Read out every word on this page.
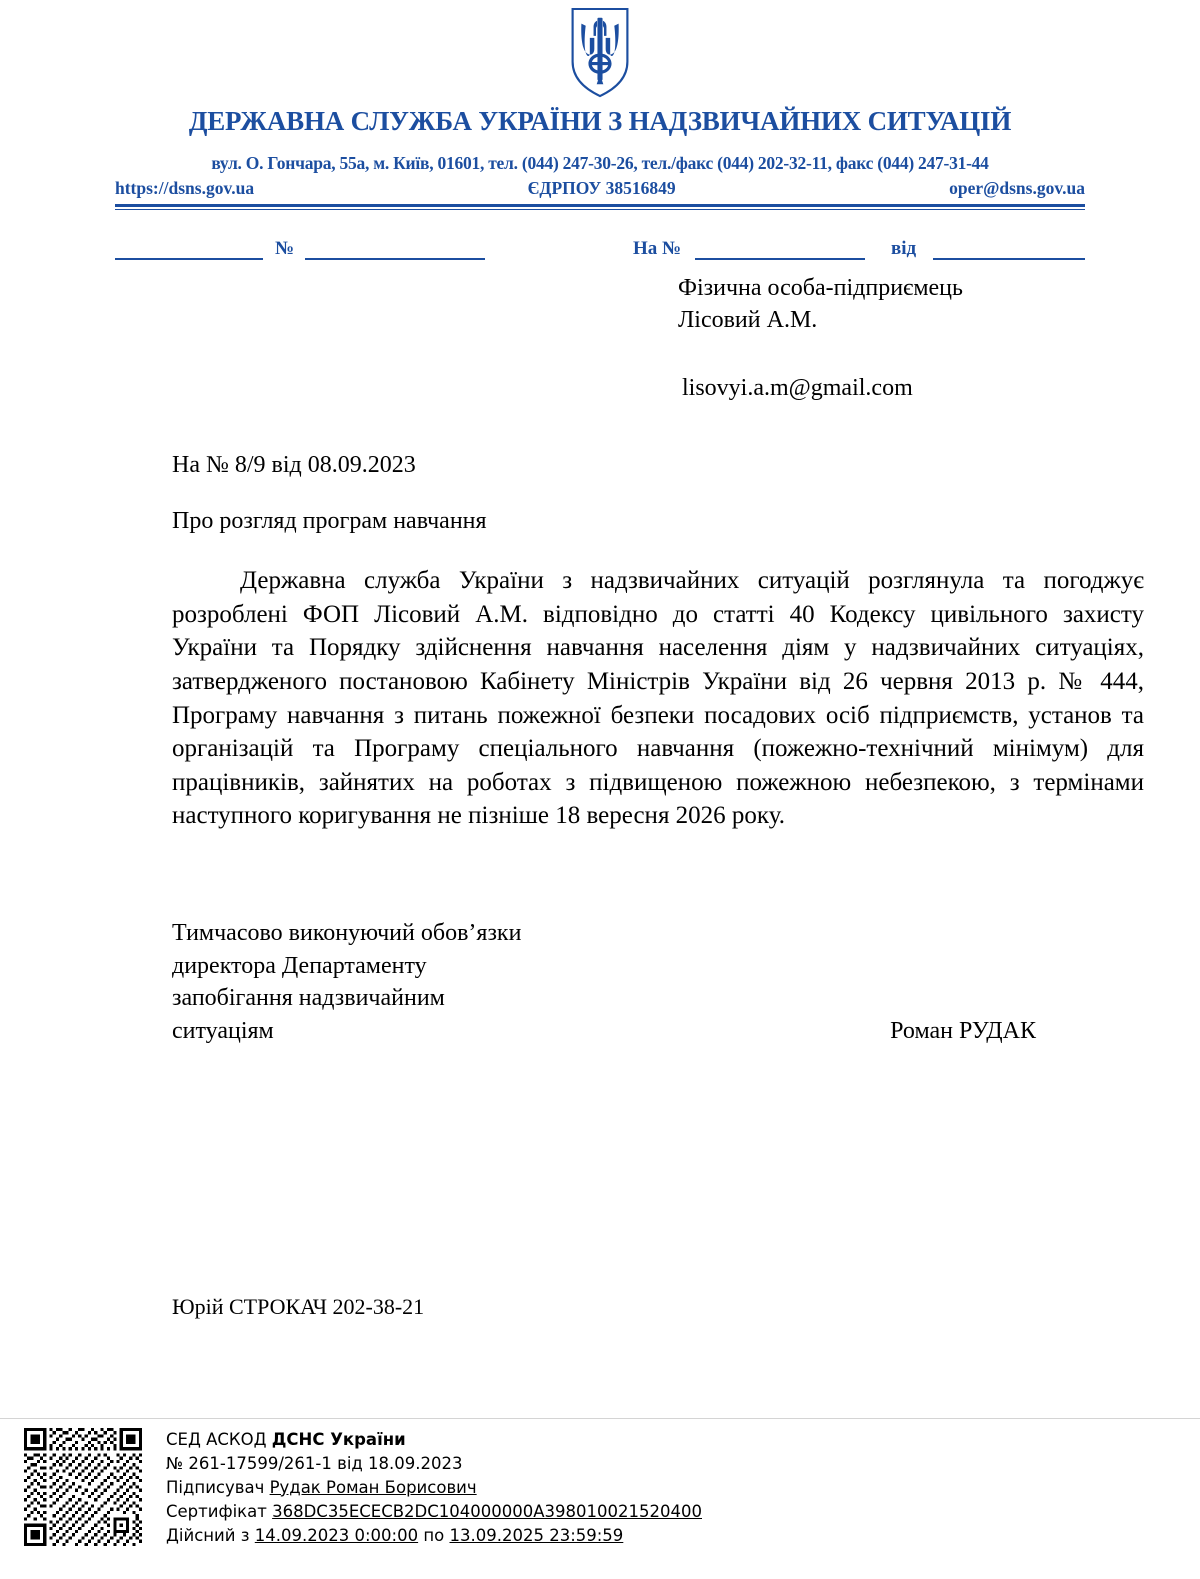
ДЕРЖАВНА СЛУЖБА УКРАЇНИ З НАДЗВИЧАЙНИХ СИТУАЦІЙ
вул. О. Гончара, 55а, м. Київ, 01601, тел. (044) 247-30-26, тел./факс (044) 202-32-11, факс (044) 247-31-44
https://dsns.gov.ua	ЄДРПОУ 38516849	oper@dsns.gov.ua
№	На №	від
Фізична особа-підприємець
Лісовий А.М.
lisovyi.a.m@gmail.com
На № 8/9 від 08.09.2023
Про розгляд програм навчання
Державна служба України з надзвичайних ситуацій розглянула та погоджує розроблені ФОП Лісовий А.М. відповідно до статті 40 Кодексу цивільного захисту України та Порядку здійснення навчання населення діям у надзвичайних ситуаціях, затвердженого постановою Кабінету Міністрів України від 26 червня 2013 р. № 444, Програму навчання з питань пожежної безпеки посадових осіб підприємств, установ та організацій та Програму спеціального навчання (пожежно-технічний мінімум) для працівників, зайнятих на роботах з підвищеною пожежною небезпекою, з термінами наступного коригування не пізніше 18 вересня 2026 року.
Тимчасово виконуючий обов’язки
директора Департаменту
запобігання надзвичайним
ситуаціям	Роман РУДАК
Юрій СТРОКАЧ 202-38-21
СЕД АСКОД ДСНС України
№ 261-17599/261-1 від 18.09.2023
Підписувач Рудак Роман Борисович
Сертифікат 368DC35ECECB2DC104000000A398010021520400
Дійсний з 14.09.2023 0:00:00 по 13.09.2025 23:59:59
